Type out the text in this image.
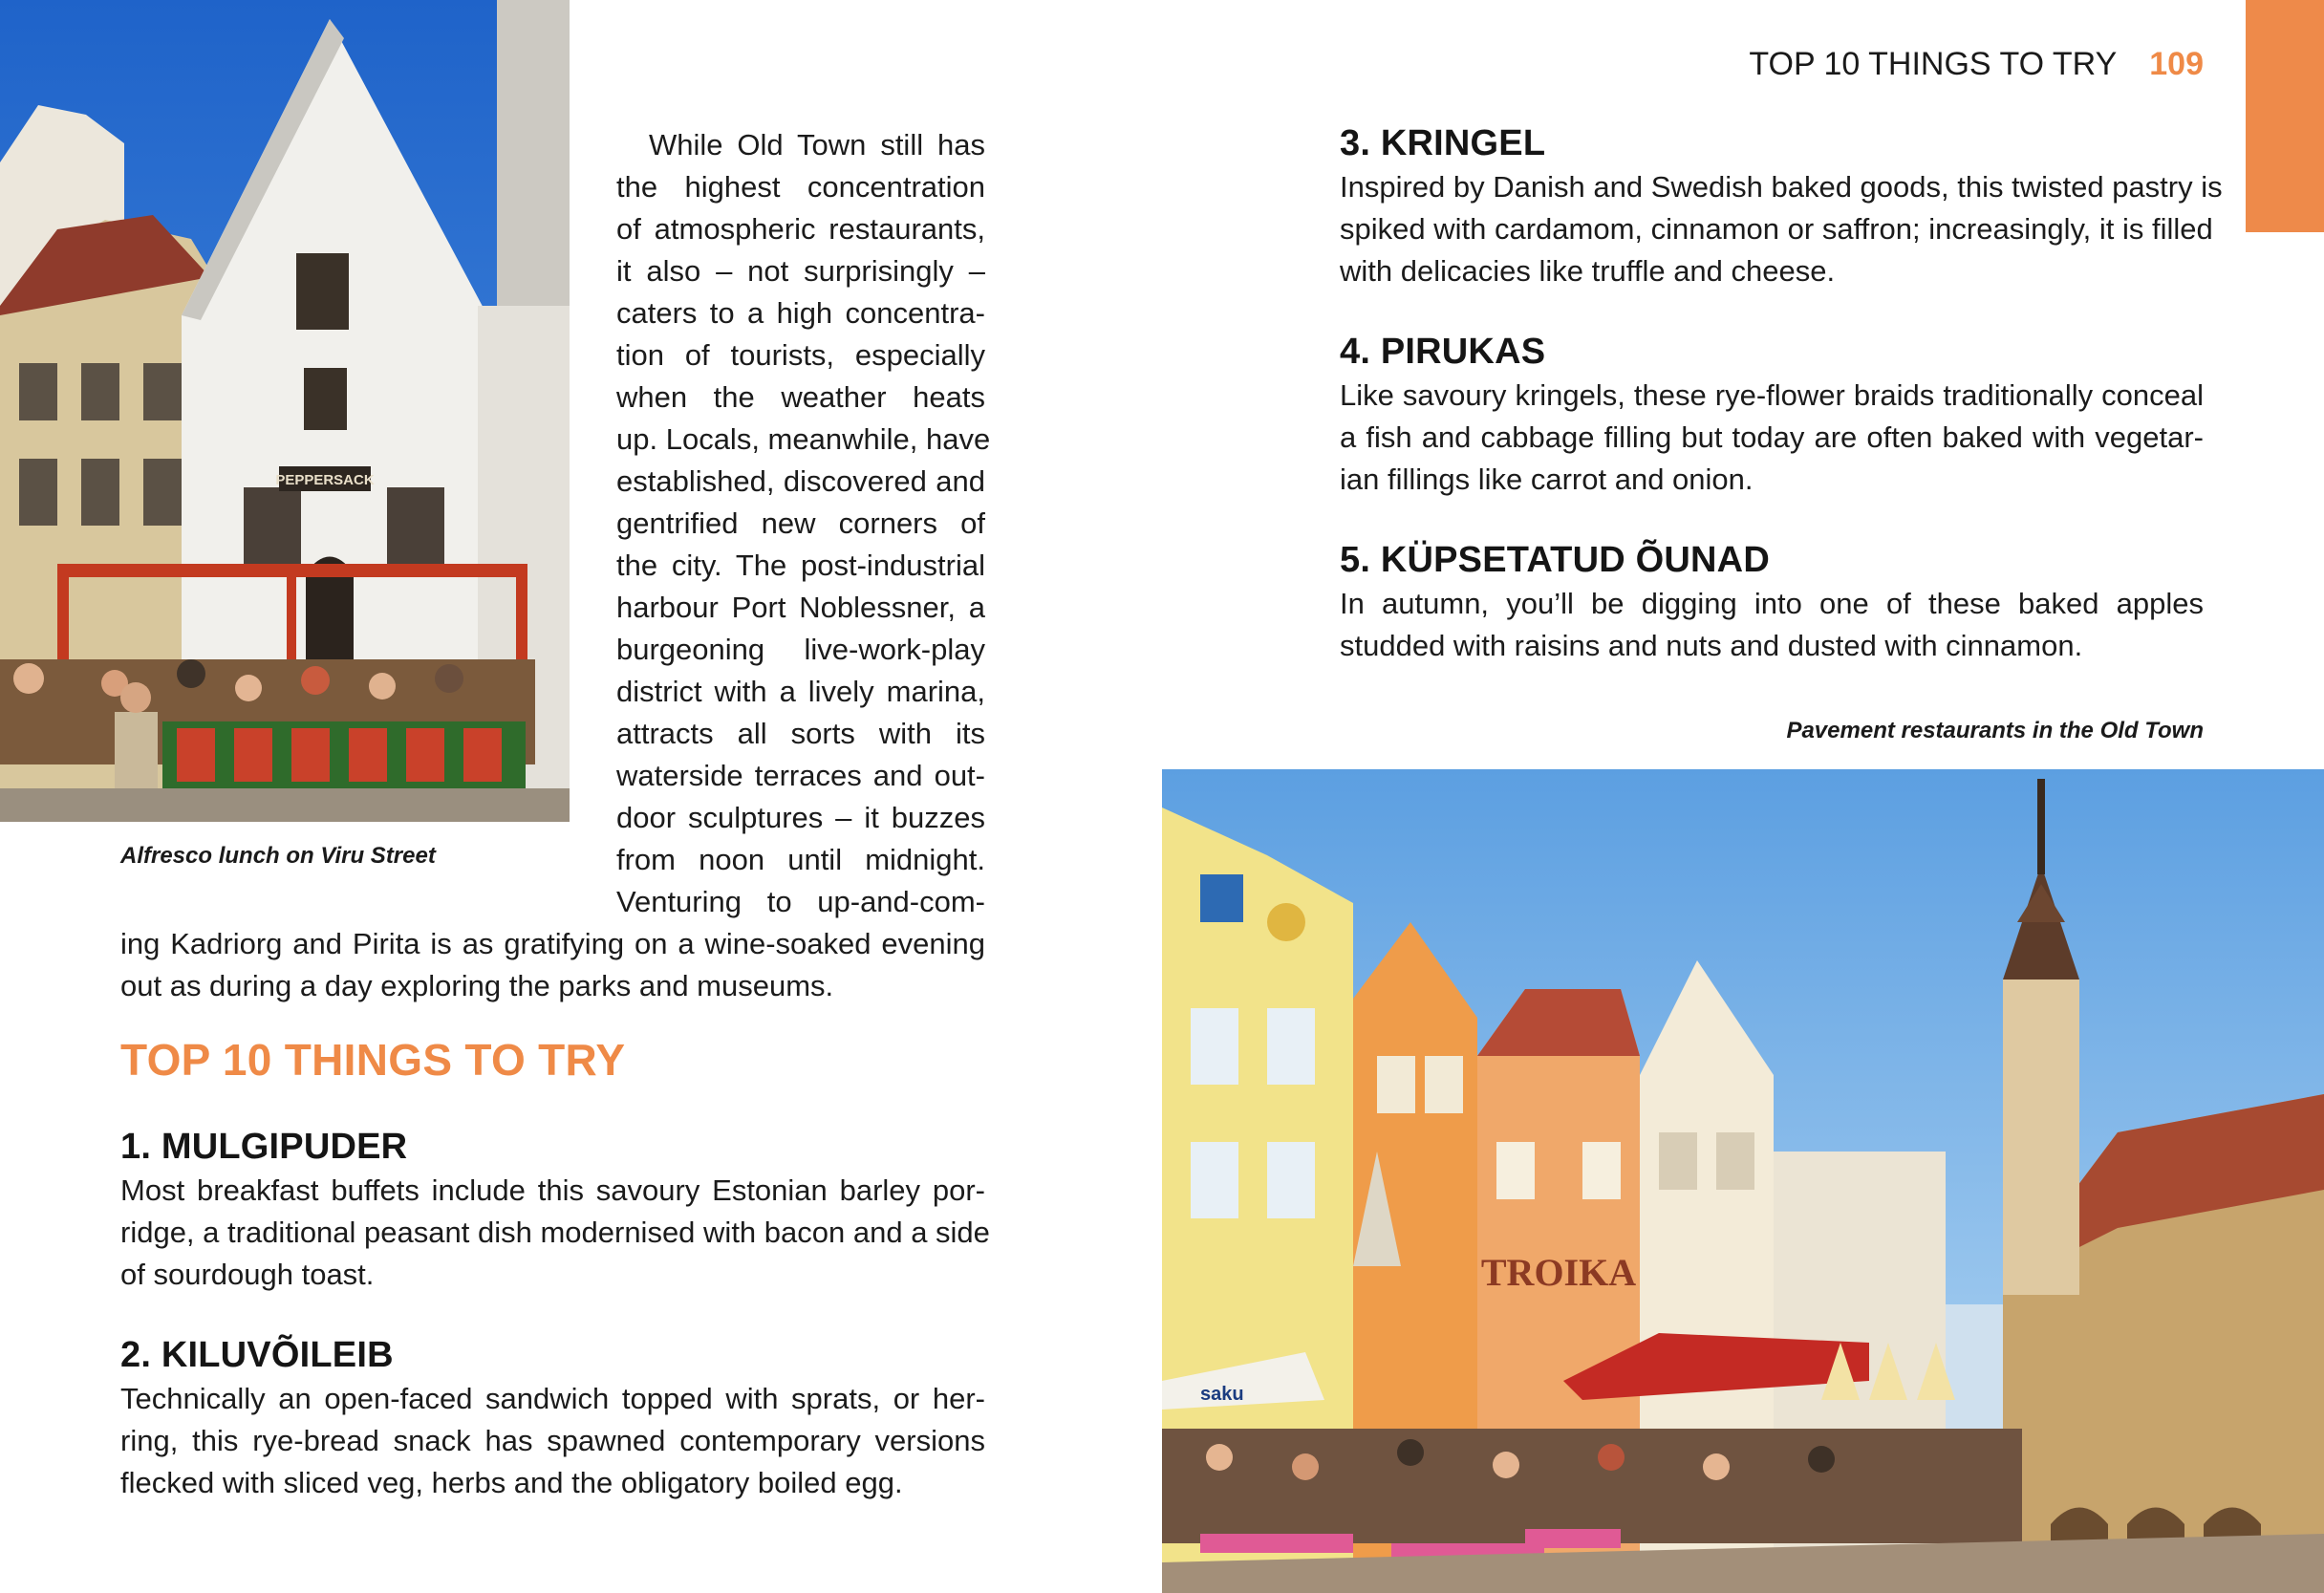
PEPPERSACK
Alfresco lunch on Viru Street
While Old Town still has
the highest concentration
of atmospheric restaurants,
it also – not surprisingly –
caters to a high concentra-
tion of tourists, especially
when the weather heats
up. Locals, meanwhile, have
established, discovered and
gentrified new corners of
the city. The post-industrial
harbour Port Noblessner, a
burgeoning live-work-play
district with a lively marina,
attracts all sorts with its
waterside terraces and out-
door sculptures – it buzzes
from noon until midnight.
Venturing to up-and-com-
ing Kadriorg and Pirita is as gratifying on a wine-soaked evening
out as during a day exploring the parks and museums.
TOP 10 THINGS TO TRY
1. MULGIPUDER
Most breakfast buffets include this savoury Estonian barley por-
ridge, a traditional peasant dish modernised with bacon and a side
of sourdough toast.
2. KILUVÕILEIB
Technically an open-faced sandwich topped with sprats, or her-
ring, this rye-bread snack has spawned contemporary versions
flecked with sliced veg, herbs and the obligatory boiled egg.
TOP 10 THINGS TO TRY 109
3. KRINGEL
Inspired by Danish and Swedish baked goods, this twisted pastry is
spiked with cardamom, cinnamon or saffron; increasingly, it is filled
with delicacies like truffle and cheese.
4. PIRUKAS
Like savoury kringels, these rye-flower braids traditionally conceal
a fish and cabbage filling but today are often baked with vegetar-
ian fillings like carrot and onion.
5. KÜPSETATUD ÕUNAD
In autumn, you’ll be digging into one of these baked apples
studded with raisins and nuts and dusted with cinnamon.
Pavement restaurants in the Old Town
TROIKA
saku
